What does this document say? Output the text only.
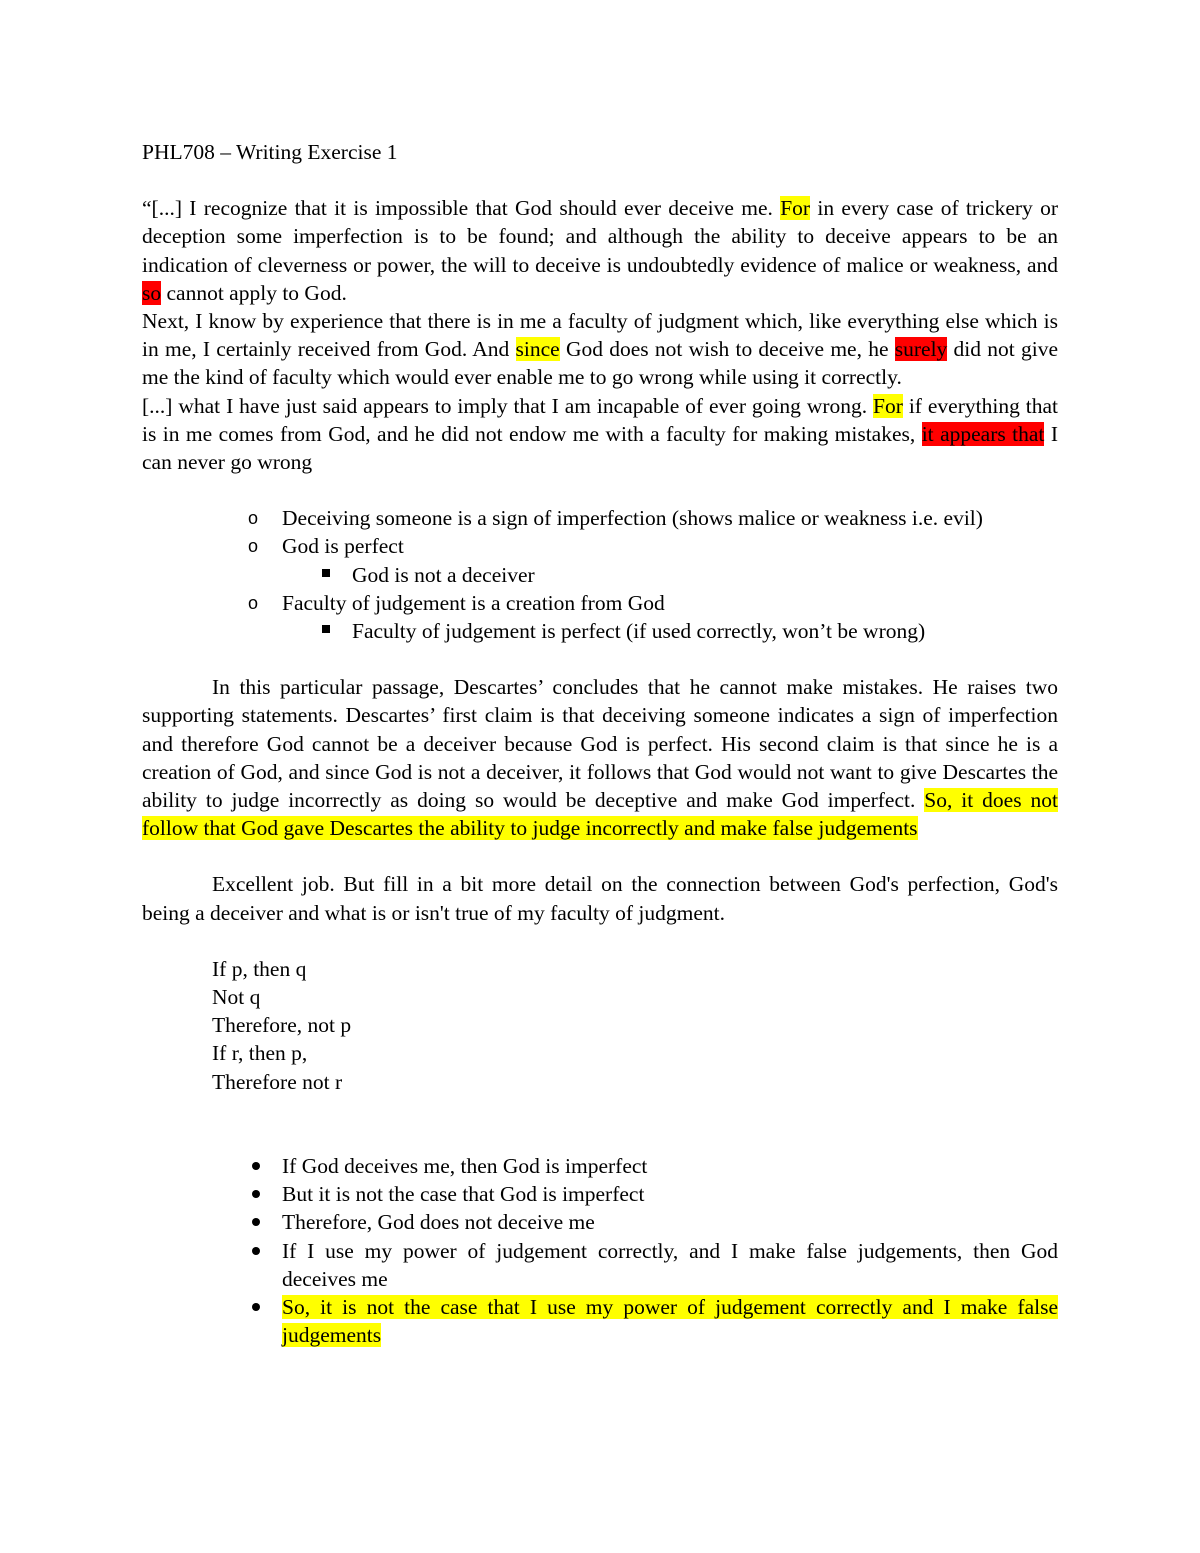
PHL708 – Writing Exercise 1

“[...] I recognize that it is impossible that God should ever deceive me. For in every case of trickery or deception some imperfection is to be found; and although the ability to deceive appears to be an indication of cleverness or power, the will to deceive is undoubtedly evidence of malice or weakness, and so cannot apply to God.

Next, I know by experience that there is in me a faculty of judgment which, like everything else which is in me, I certainly received from God. And since God does not wish to deceive me, he surely did not give me the kind of faculty which would ever enable me to go wrong while using it correctly.

[...] what I have just said appears to imply that I am incapable of ever going wrong. For if everything that is in me comes from God, and he did not endow me with a faculty for making mistakes, it appears that I can never go wrong

o Deceiving someone is a sign of imperfection (shows malice or weakness i.e. evil)
o God is perfect
God is not a deceiver
o Faculty of judgement is a creation from God
Faculty of judgement is perfect (if used correctly, won’t be wrong)

In this particular passage, Descartes’ concludes that he cannot make mistakes. He raises two supporting statements. Descartes’ first claim is that deceiving someone indicates a sign of imperfection and therefore God cannot be a deceiver because God is perfect. His second claim is that since he is a creation of God, and since God is not a deceiver, it follows that God would not want to give Descartes the ability to judge incorrectly as doing so would be deceptive and make God imperfect. So, it does not follow that God gave Descartes the ability to judge incorrectly and make false judgements

Excellent job. But fill in a bit more detail on the connection between God's perfection, God's being a deceiver and what is or isn't true of my faculty of judgment.

If p, then q
Not q
Therefore, not p
If r, then p,
Therefore not r
If God deceives me, then God is imperfect
But it is not the case that God is imperfect
Therefore, God does not deceive me
If I use my power of judgement correctly, and I make false judgements, then God deceives me
So, it is not the case that I use my power of judgement correctly and I make false judgements
